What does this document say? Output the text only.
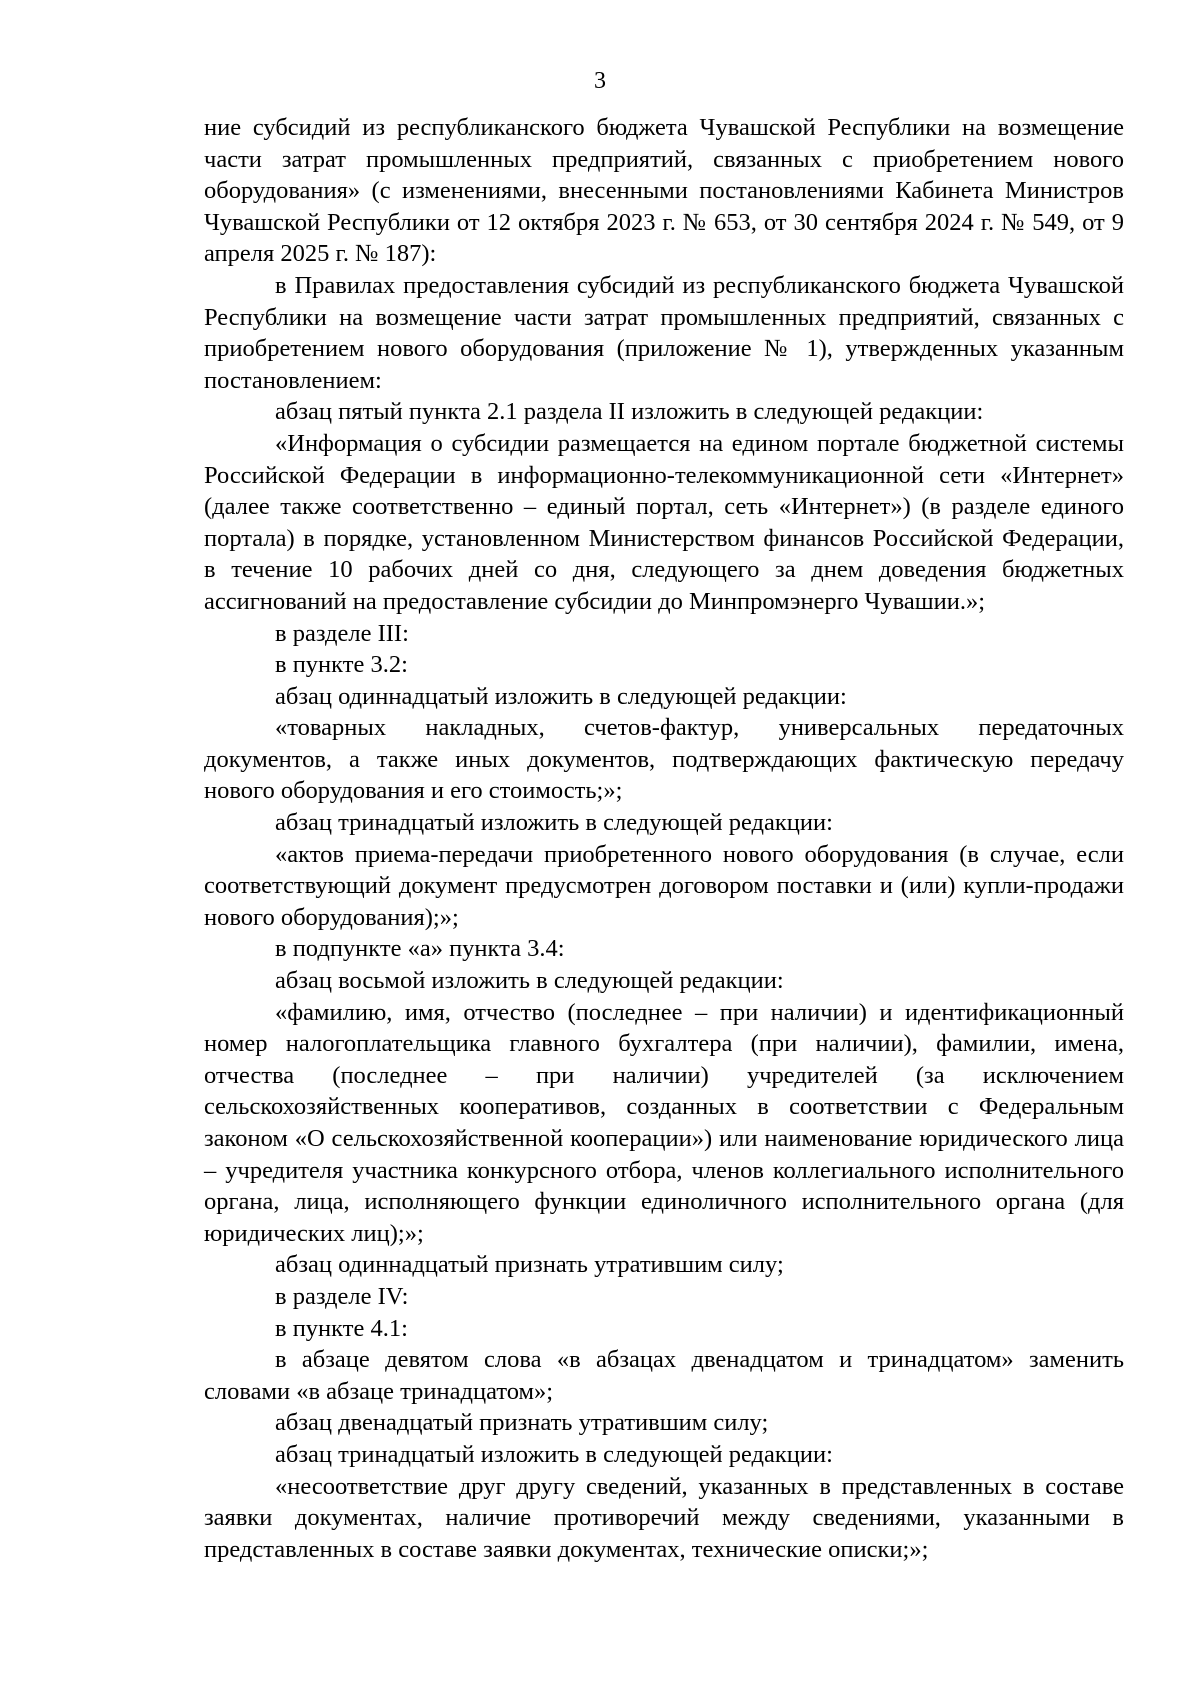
3

ние субсидий из республиканского бюджета Чувашской Республики на возмещение части затрат промышленных предприятий, связанных с приобретением нового оборудования» (с изменениями, внесенными постановлениями Кабинета Министров Чувашской Республики от 12 октября 2023 г. № 653, от 30 сентября 2024 г. № 549, от 9 апреля 2025 г. № 187):

в Правилах предоставления субсидий из республиканского бюджета Чувашской Республики на возмещение части затрат промышленных предприятий, связанных с приобретением нового оборудования (приложение № 1), утвержденных указанным постановлением:

абзац пятый пункта 2.1 раздела II изложить в следующей редакции:

«Информация о субсидии размещается на едином портале бюджетной системы Российской Федерации в информационно-телекоммуникационной сети «Интернет» (далее также соответственно – единый портал, сеть «Интернет») (в разделе единого портала) в порядке, установленном Министерством финансов Российской Федерации, в течение 10 рабочих дней со дня, следующего за днем доведения бюджетных ассигнований на предоставление субсидии до Минпромэнерго Чувашии.»;

в разделе III:

в пункте 3.2:

абзац одиннадцатый изложить в следующей редакции:

«товарных накладных, счетов-фактур, универсальных передаточных документов, а также иных документов, подтверждающих фактическую передачу нового оборудования и его стоимость;»;

абзац тринадцатый изложить в следующей редакции:

«актов приема-передачи приобретенного нового оборудования (в случае, если соответствующий документ предусмотрен договором поставки и (или) купли-продажи нового оборудования);»;

в подпункте «а» пункта 3.4:

абзац восьмой изложить в следующей редакции:

«фамилию, имя, отчество (последнее – при наличии) и идентификационный номер налогоплательщика главного бухгалтера (при наличии), фамилии, имена, отчества (последнее – при наличии) учредителей (за исключением сельскохозяйственных кооперативов, созданных в соответствии с Федеральным законом «О сельскохозяйственной кооперации») или наименование юридического лица – учредителя участника конкурсного отбора, членов коллегиального исполнительного органа, лица, исполняющего функции единоличного исполнительного органа (для юридических лиц);»;

абзац одиннадцатый признать утратившим силу;

в разделе IV:

в пункте 4.1:

в абзаце девятом слова «в абзацах двенадцатом и тринадцатом» заменить словами «в абзаце тринадцатом»;

абзац двенадцатый признать утратившим силу;

абзац тринадцатый изложить в следующей редакции:

«несоответствие друг другу сведений, указанных в представленных в составе заявки документах, наличие противоречий между сведениями, указанными в представленных в составе заявки документах, технические описки;»;
